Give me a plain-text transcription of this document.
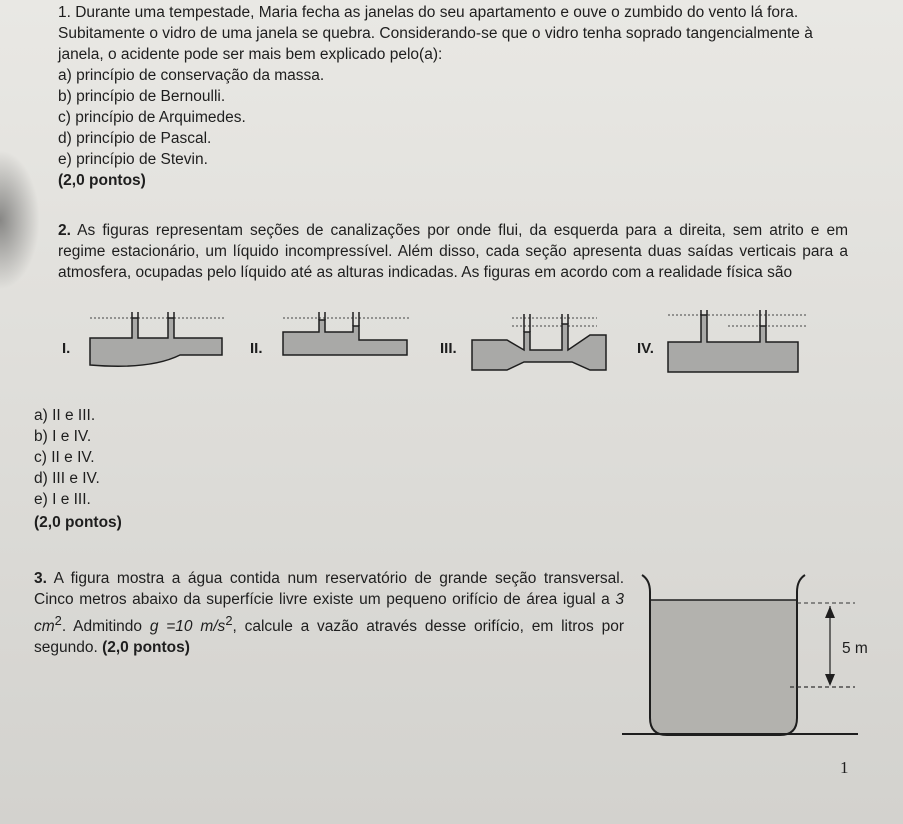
1. Durante uma tempestade, Maria fecha as janelas do seu apartamento e ouve o zumbido do vento lá fora.
Subitamente o vidro de uma janela se quebra. Considerando-se que o vidro tenha soprado tangencialmente à
janela, o acidente pode ser mais bem explicado pelo(a):
a) princípio de conservação da massa.
b) princípio de Bernoulli.
c) princípio de Arquimedes.
d) princípio de Pascal.
e) princípio de Stevin.
(2,0 pontos)
2. As figuras representam seções de canalizações por onde flui, da esquerda para a direita, sem atrito e em regime estacionário, um líquido incompressível. Além disso, cada seção apresenta duas saídas verticais para a atmosfera, ocupadas pelo líquido até as alturas indicadas. As figuras em acordo com a realidade física são
I.	II.	III.	IV.
a) II e III.
b) I e IV.
c) II e IV.
d) III e IV.
e) I e III.
(2,0 pontos)
3. A figura mostra a água contida num reservatório de grande seção transversal. Cinco metros abaixo da superfície livre existe um pequeno orifício de área igual a 3 $cm^2$. Admitindo g =10 $m/s^2$, calcule a vazão através desse orifício, em litros por segundo. (2,0 pontos)	5 m
1
